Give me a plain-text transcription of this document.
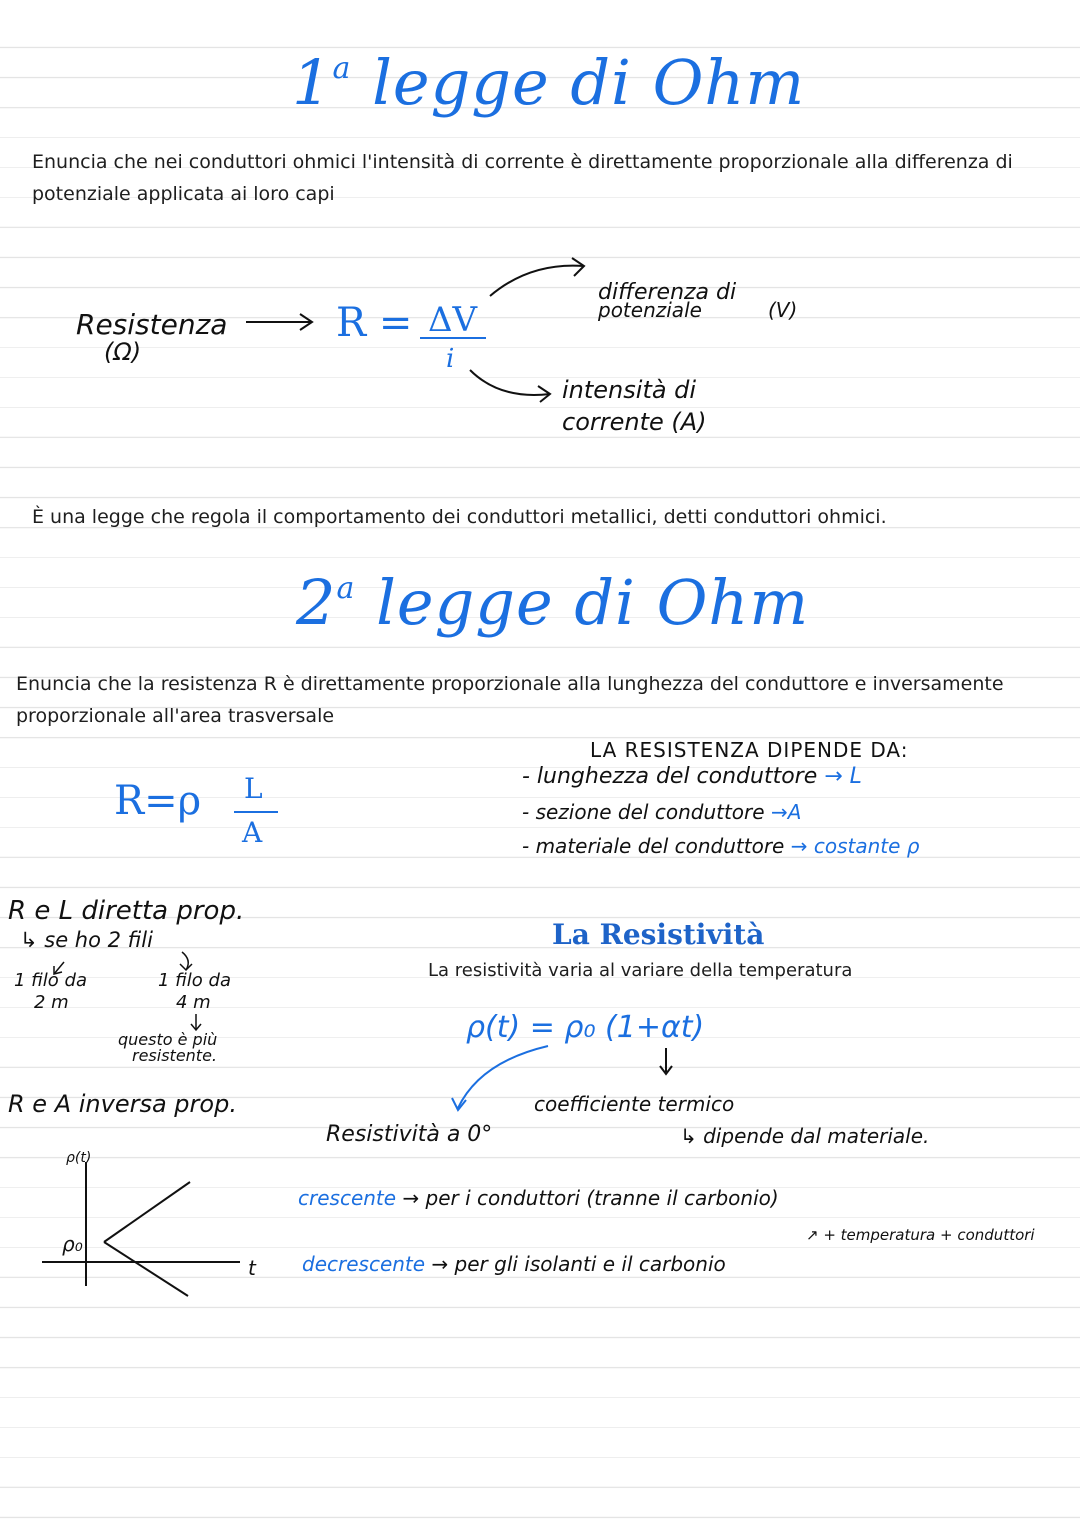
1$^a$ legge di Ohm
Enuncia che nei conduttori ohmici l'intensità di corrente è direttamente proporzionale alla differenza di potenziale applicata ai loro capi
Resistenza
(Ω)
R = ΔV
i
differenza di
potenziale	(V)
intensità di
corrente (A)
È una legge che regola il comportamento dei conduttori metallici, detti conduttori ohmici.
2$^a$ legge di Ohm
Enuncia che la resistenza R è direttamente proporzionale alla lunghezza del conduttore e inversamente proporzionale all'area trasversale
R=ρ L
A
LA RESISTENZA DIPENDE DA:
- lunghezza del conduttore → L
- sezione del conduttore →A
- materiale del conduttore → costante ρ
R e L diretta prop.
↳ se ho 2 fili
1 filo da
2 m
1 filo da
4 m
questo è più
resistente.
R e A inversa prop.
ρ(t)
ρ₀
t
La Resistività
La resistività varia al variare della temperatura
ρ(t) = ρ₀ (1+αt)
Resistività a 0°
coefficiente termico
↳ dipende dal materiale.
crescente → per i conduttori (tranne il carbonio)
↗ + temperatura + conduttori
decrescente → per gli isolanti e il carbonio
